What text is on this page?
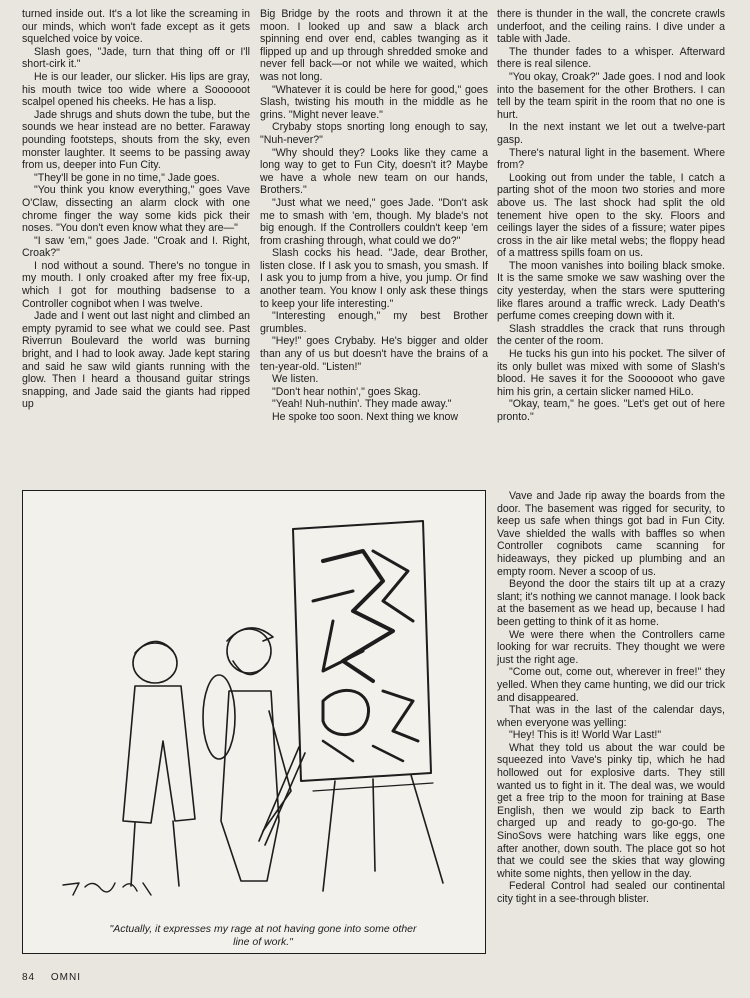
turned inside out. It's a lot like the screaming in our minds, which won't fade except as it gets squelched voice by voice.

Slash goes, "Jade, turn that thing off or I'll short-cirk it."

He is our leader, our slicker. His lips are gray, his mouth twice too wide where a Soooooot scalpel opened his cheeks. He has a lisp.

Jade shrugs and shuts down the tube, but the sounds we hear instead are no better. Faraway pounding footsteps, shouts from the sky, even monster laughter. It seems to be passing away from us, deeper into Fun City.

"They'll be gone in no time," Jade goes.

"You think you know everything," goes Vave O'Claw, dissecting an alarm clock with one chrome finger the way some kids pick their noses. "You don't even know what they are—"

"I saw 'em," goes Jade. "Croak and I. Right, Croak?"

I nod without a sound. There's no tongue in my mouth. I only croaked after my free fix-up, which I got for mouthing badsense to a Controller cognibot when I was twelve.

Jade and I went out last night and climbed an empty pyramid to see what we could see. Past Riverrun Boulevard the world was burning bright, and I had to look away. Jade kept staring and said he saw wild giants running with the glow. Then I heard a thousand guitar strings snapping, and Jade said the giants had ripped up

Big Bridge by the roots and thrown it at the moon. I looked up and saw a black arch spinning end over end, cables twanging as it flipped up and up through shredded smoke and never fell back—or not while we waited, which was not long.

"Whatever it is could be here for good," goes Slash, twisting his mouth in the middle as he grins. "Might never leave."

Crybaby stops snorting long enough to say, "Nuh-never?"

"Why should they? Looks like they came a long way to get to Fun City, doesn't it? Maybe we have a whole new team on our hands, Brothers."

"Just what we need," goes Jade. "Don't ask me to smash with 'em, though. My blade's not big enough. If the Controllers couldn't keep 'em from crashing through, what could we do?"

Slash cocks his head. "Jade, dear Brother, listen close. If I ask you to smash, you smash. If I ask you to jump from a hive, you jump. Or find another team. You know I only ask these things to keep your life interesting."

"Interesting enough," my best Brother grumbles.

"Hey!" goes Crybaby. He's bigger and older than any of us but doesn't have the brains of a ten-year-old. "Listen!"

We listen.

"Don't hear nothin'," goes Skag.

"Yeah! Nuh-nuthin'. They made away."

He spoke too soon. Next thing we know

there is thunder in the wall, the concrete crawls underfoot, and the ceiling rains. I dive under a table with Jade.

The thunder fades to a whisper. Afterward there is real silence.

"You okay, Croak?" Jade goes. I nod and look into the basement for the other Brothers. I can tell by the team spirit in the room that no one is hurt.

In the next instant we let out a twelve-part gasp.

There's natural light in the basement. Where from?

Looking out from under the table, I catch a parting shot of the moon two stories and more above us. The last shock had split the old tenement hive open to the sky. Floors and ceilings layer the sides of a fissure; water pipes cross in the air like metal webs; the floppy head of a mattress spills foam on us.

The moon vanishes into boiling black smoke. It is the same smoke we saw washing over the city yesterday, when the stars were sputtering like flares around a traffic wreck. Lady Death's perfume comes creeping down with it.

Slash straddles the crack that runs through the center of the room.

He tucks his gun into his pocket. The silver of its only bullet was mixed with some of Slash's blood. He saves it for the Soooooot who gave him his grin, a certain slicker named HiLo.

"Okay, team," he goes. "Let's get out of here pronto."

Vave and Jade rip away the boards from the door. The basement was rigged for security, to keep us safe when things got bad in Fun City. Vave shielded the walls with baffles so when Controller cognibots came scanning for hideaways, they picked up plumbing and an empty room. Never a scoop of us.

Beyond the door the stairs tilt up at a crazy slant; it's nothing we cannot manage. I look back at the basement as we head up, because I had been getting to think of it as home.

We were there when the Controllers came looking for war recruits. They thought we were just the right age.

"Come out, come out, wherever in free!" they yelled. When they came hunting, we did our trick and disappeared.

That was in the last of the calendar days, when everyone was yelling:

"Hey! This is it! World War Last!"

What they told us about the war could be squeezed into Vave's pinky tip, which he had hollowed out for explosive darts. They still wanted us to fight in it. The deal was, we would get a free trip to the moon for training at Base English, then we would zip back to Earth charged up and ready to go-go-go. The SinoSovs were hatching wars like eggs, one after another, down south. The place got so hot that we could see the skies that way glowing white some nights, then yellow in the day.

Federal Control had sealed our continental city tight in a see-through blister.

"Actually, it expresses my rage at not having gone into some other line of work."
84 OMNI
